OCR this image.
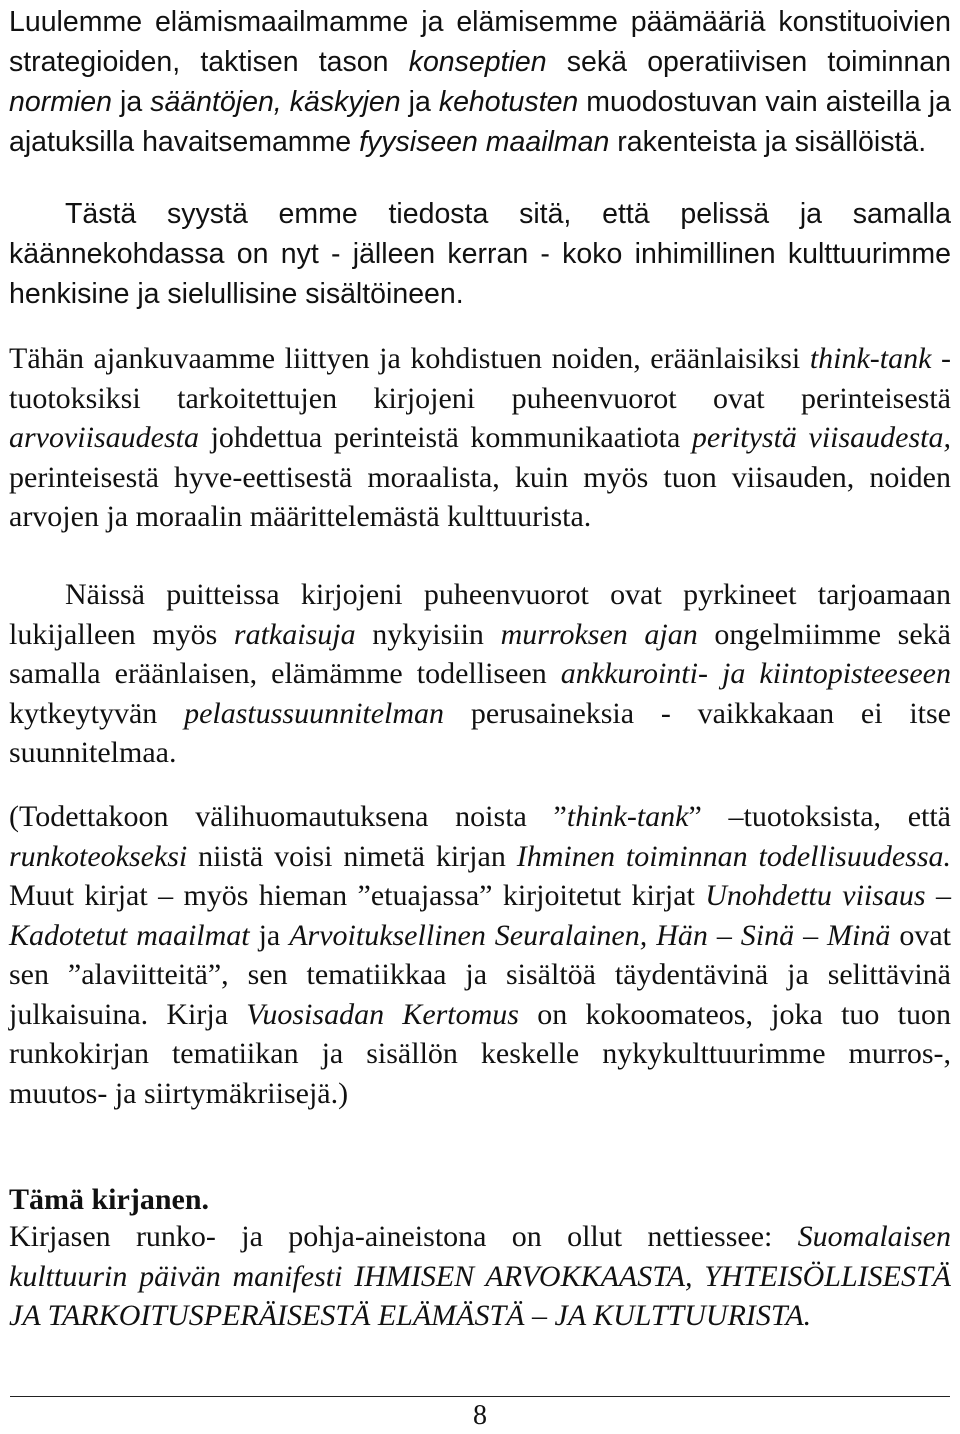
Luulemme elämismaailmamme ja elämisemme päämääriä konstituoivien strategioiden, taktisen tason konseptien sekä operatiivisen toiminnan normien ja sääntöjen, käskyjen ja kehotusten muodostuvan vain aisteilla ja ajatuksilla havaitsemamme fyysiseen maailman rakenteista ja sisällöistä.

Tästä syystä emme tiedosta sitä, että pelissä ja samalla käännekohdassa on nyt - jälleen kerran - koko inhimillinen kulttuurimme henkisine ja sielullisine sisältöineen.

Tähän ajankuvaamme liittyen ja kohdistuen noiden, eräänlaisiksi think-tank -tuotoksiksi tarkoitettujen kirjojeni puheenvuorot ovat perinteisestä arvoviisaudesta johdettua perinteistä kommunikaatiota peritystä viisaudesta, perinteisestä hyve-eettisestä moraalista, kuin myös tuon viisauden, noiden arvojen ja moraalin määrittelemästä kulttuurista.

Näissä puitteissa kirjojeni puheenvuorot ovat pyrkineet tarjoamaan lukijalleen myös ratkaisuja nykyisiin murroksen ajan ongelmiimme sekä samalla eräänlaisen, elämämme todelliseen ankkurointi- ja kiintopisteeseen kytkeytyvän pelastussuunnitelman perusaineksia - vaikkakaan ei itse suunnitelmaa.

(Todettakoon välihuomautuksena noista ”think-tank” –tuotoksista, että runkoteokseksi niistä voisi nimetä kirjan Ihminen toiminnan todellisuudessa. Muut kirjat – myös hieman ”etuajassa” kirjoitetut kirjat Unohdettu viisaus – Kadotetut maailmat ja Arvoituksellinen Seuralainen, Hän – Sinä – Minä ovat sen ”alaviitteitä”, sen tematiikkaa ja sisältöä täydentävinä ja selittävinä julkaisuina. Kirja Vuosisadan Kertomus on kokoomateos, joka tuo tuon runkokirjan tematiikan ja sisällön keskelle nykykulttuurimme murros-, muutos- ja siirtymäkriisejä.)

Tämä kirjanen.

Kirjasen runko- ja pohja-aineistona on ollut nettiessee: Suomalaisen kulttuurin päivän manifesti IHMISEN ARVOKKAASTA, YHTEISÖLLISESTÄ JA TARKOITUSPERÄISESTÄ ELÄMÄSTÄ – JA KULTTUURISTA.

8
